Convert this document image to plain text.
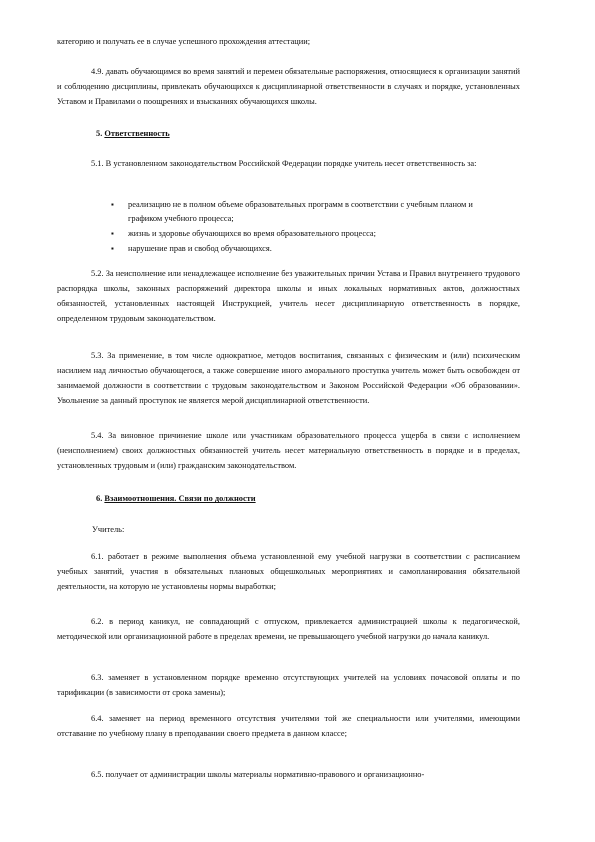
категорию и получать ее в случае успешного прохождения аттестации;

4.9. давать обучающимся во время занятий и перемен обязательные распоряжения, относящиеся к организации занятий и соблюдению дисциплины, привлекать обучающихся к дисциплинарной ответственности в случаях и порядке, установленных Уставом и Правилами о поощрениях и взысканиях обучающихся школы.

5. Ответственность

5.1. В установленном законодательством Российской Федерации порядке учитель несет ответственность за:

▪ реализацию не в полном объеме образовательных программ в соответствии с учебным планом и графиком учебного процесса;
▪ жизнь и здоровье обучающихся во время образовательного процесса;
▪ нарушение прав и свобод обучающихся.

5.2. За неисполнение или ненадлежащее исполнение без уважительных причин Устава и Правил внутреннего трудового распорядка школы, законных распоряжений директора школы и иных локальных нормативных актов, должностных обязанностей, установленных настоящей Инструкцией, учитель несет дисциплинарную ответственность в порядке, определенном трудовым законодательством.

5.3. За применение, в том числе однократное, методов воспитания, связанных с физическим и (или) психическим насилием над личностью обучающегося, а также совершение иного аморального проступка учитель может быть освобожден от занимаемой должности в соответствии с трудовым законодательством и Законом Российской Федерации «Об образовании». Увольнение за данный проступок не является мерой дисциплинарной ответственности.

5.4. За виновное причинение школе или участникам образовательного процесса ущерба в связи с исполнением (неисполнением) своих должностных обязанностей учитель несет материальную ответственность в порядке и в пределах, установленных трудовым и (или) гражданским законодательством.

6. Взаимоотношения. Связи по должности

Учитель:

6.1. работает в режиме выполнения объема установленной ему учебной нагрузки в соответствии с расписанием учебных занятий, участия в обязательных плановых общешкольных мероприятиях и самопланирования обязательной деятельности, на которую не установлены нормы выработки;

6.2. в период каникул, не совпадающий с отпуском, привлекается администрацией школы к педагогической, методической или организационной работе в пределах времени, не превышающего учебной нагрузки до начала каникул.

6.3. заменяет в установленном порядке временно отсутствующих учителей на условиях почасовой оплаты и по тарификации (в зависимости от срока замены);

6.4. заменяет на период временного отсутствия учителями той же специальности или учителями, имеющими отставание по учебному плану в преподавании своего предмета в данном классе;

6.5. получает от администрации школы материалы нормативно-правового и организационно-
